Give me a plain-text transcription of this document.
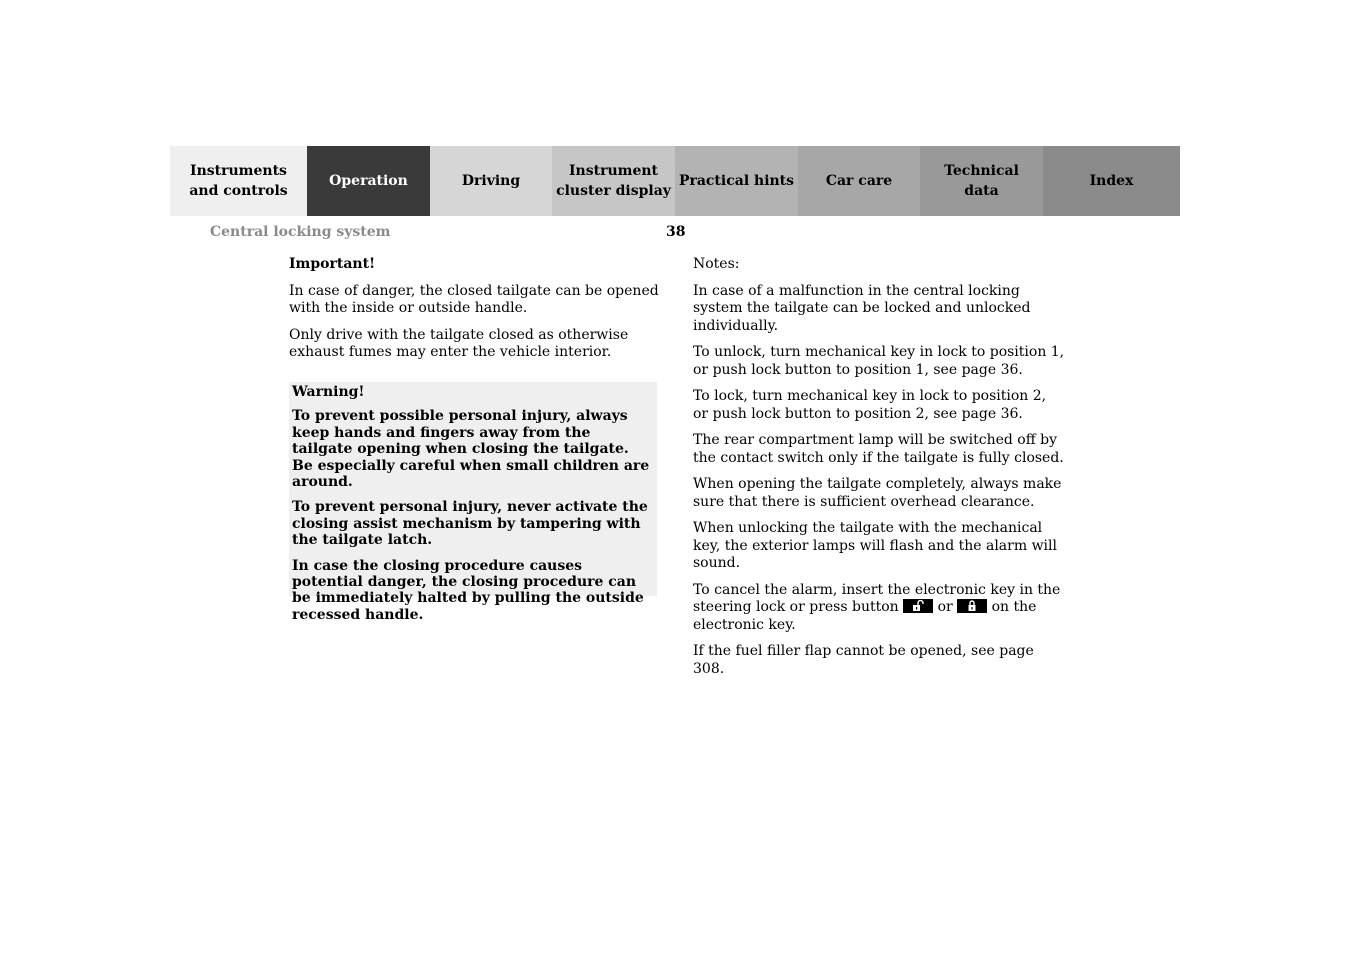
Instruments
and controls
Operation	Driving
Instrument
cluster display
Practical hints	Car care
Technical
data
Index
Central locking system	38

Important!

In case of danger, the closed tailgate can be opened with the inside or outside handle.

Only drive with the tailgate closed as otherwise exhaust fumes may enter the vehicle interior.

Warning!

To prevent possible personal injury, always keep hands and fingers away from the tailgate opening when closing the tailgate. Be especially careful when small children are around.

To prevent personal injury, never activate the closing assist mechanism by tampering with the tailgate latch.

In case the closing procedure causes potential danger, the closing procedure can be immediately halted by pulling the outside recessed handle.

Notes:

In case of a malfunction in the central locking system the tailgate can be locked and unlocked individually.

To unlock, turn mechanical key in lock to position 1, or push lock button to position 1, see page 36.

To lock, turn mechanical key in lock to position 2, or push lock button to position 2, see page 36.

The rear compartment lamp will be switched off by the contact switch only if the tailgate is fully closed.

When opening the tailgate completely, always make sure that there is sufficient overhead clearance.

When unlocking the tailgate with the mechanical key, the exterior lamps will flash and the alarm will sound.

To cancel the alarm, insert the electronic key in the steering lock or press button	or	on the electronic key.

If the fuel filler flap cannot be opened, see page 308.
